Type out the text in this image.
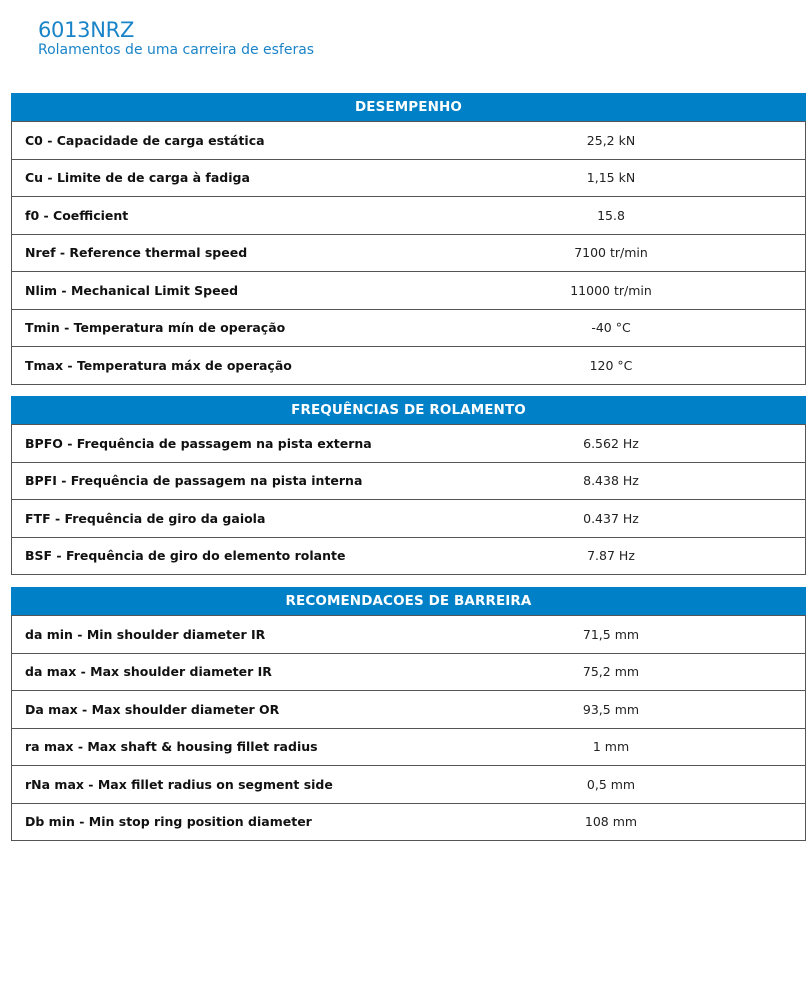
6013NRZ
Rolamentos de uma carreira de esferas
DESEMPENHO
C0 - Capacidade de carga estática	25,2 kN
Cu - Limite de de carga à fadiga	1,15 kN
f0 - Coefficient	15.8
Nref - Reference thermal speed	7100 tr/min
Nlim - Mechanical Limit Speed	11000 tr/min
Tmin - Temperatura mín de operação	-40 °C
Tmax - Temperatura máx de operação	120 °C
FREQUÊNCIAS DE ROLAMENTO
BPFO - Frequência de passagem na pista externa	6.562 Hz
BPFI - Frequência de passagem na pista interna	8.438 Hz
FTF - Frequência de giro da gaiola	0.437 Hz
BSF - Frequência de giro do elemento rolante	7.87 Hz
RECOMENDACOES DE BARREIRA
da min - Min shoulder diameter IR	71,5 mm
da max - Max shoulder diameter IR	75,2 mm
Da max - Max shoulder diameter OR	93,5 mm
ra max - Max shaft & housing fillet radius	1 mm
rNa max - Max fillet radius on segment side	0,5 mm
Db min - Min stop ring position diameter	108 mm
